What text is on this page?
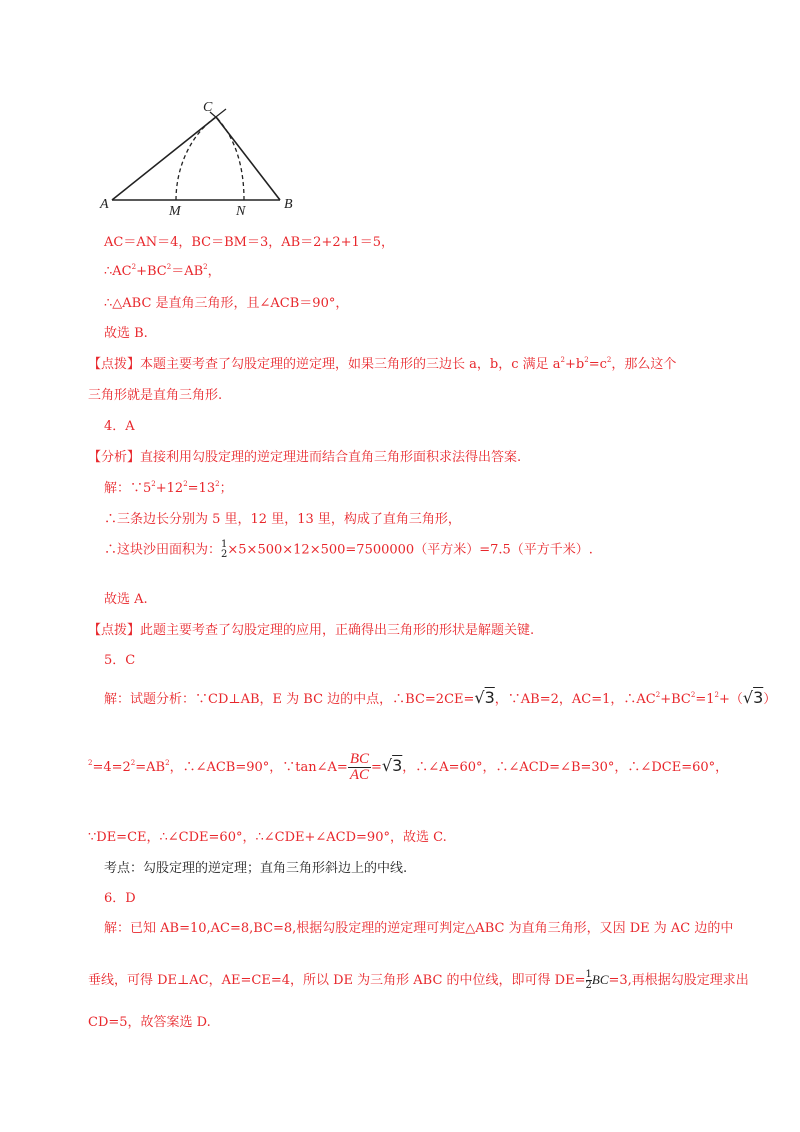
C
A	M	N	B
AC＝AN＝4，BC＝BM＝3，AB＝2+2+1＝5，
$\therefore AC^2+BC^2=AB^2$，
∴△ABC 是直角三角形，且∠ACB＝90°，
故选 B.
【点拨】本题主要考查了勾股定理的逆定理，如果三角形的三边长 a，b，c 满足 $a^2+b^2=c^2$，那么这个
三角形就是直角三角形.
4．A
【分析】直接利用勾股定理的逆定理进而结合直角三角形面积求法得出答案.
解：$\because 5^2+12^2=13^2$；
∴三条边长分别为 5 里，12 里，13 里，构成了直角三角形，
∴这块沙田面积为： 1
2 ×5×500×12×500=7500000（平方米）=7.5（平方千米）.
故选 A.
【点拨】此题主要考查了勾股定理的应用，正确得出三角形的形状是解题关键.
5．C
解：试题分析：∵CD⊥AB，E 为 BC 边的中点，∴BC=2CE=√3，∵AB=2，AC=1，$\therefore AC^2+BC^2=1^2+(√3)$
$^2=4=2^2=AB^2$，∴∠ACB=90°，∵tan∠A= $\frac{BC}{AC} =√3$，∴∠A=60°，∴∠ACD=∠B=30°，∴∠DCE=60°，
∵DE=CE，∴∠CDE=60°，∴∠CDE+∠ACD=90°，故选 C.
考点：勾股定理的逆定理；直角三角形斜边上的中线.
6．D
解：已知 AB=10,AC=8,BC=8,根据勾股定理的逆定理可判定△ABC 为直角三角形，又因 DE 为 AC 边的中
垂线，可得 DE⊥AC，AE=CE=4，所以 DE 为三角形 ABC 的中位线，即可得 $DE= \frac{1}{2} BC=3$,再根据勾股定理求出
CD=5，故答案选 D.
